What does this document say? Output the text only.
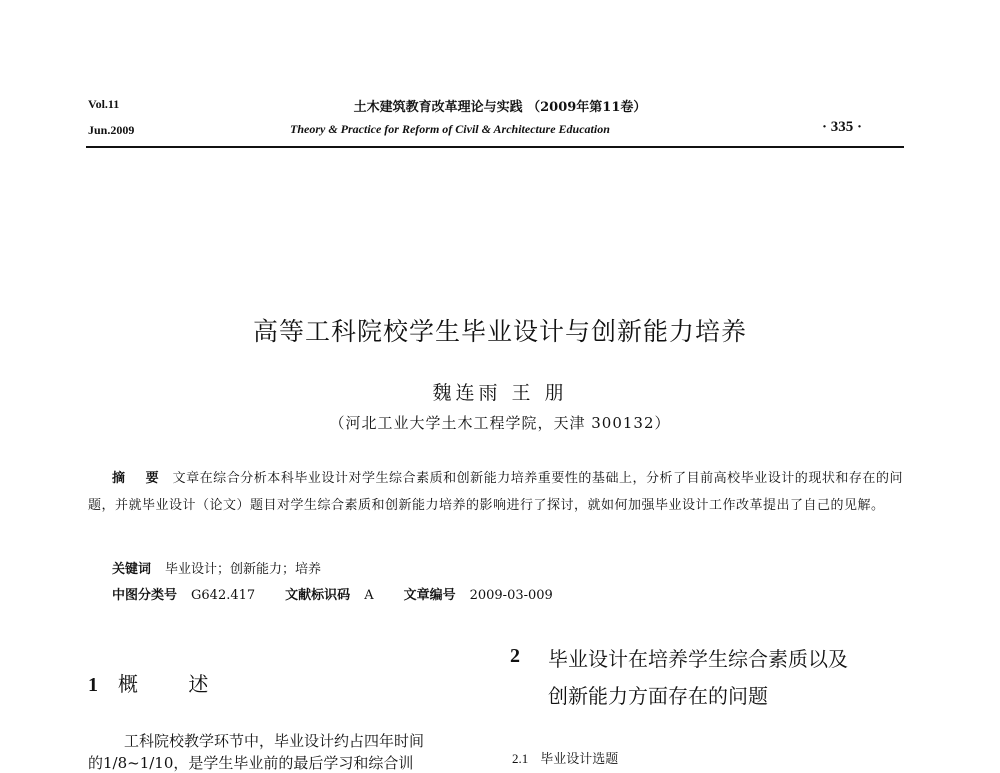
Vol.11
Jun.2009
土木建筑教育改革理论与实践 （2009年第11卷）
Theory & Practice for Reform of Civil & Architecture Education	· 335 ·
高等工科院校学生毕业设计与创新能力培养
魏连雨 王 朋
（河北工业大学土木工程学院，天津 300132）
摘 要 文章在综合分析本科毕业设计对学生综合素质和创新能力培养重要性的基础上，分析了目前高校毕业设计的现状和存在的问题，并就毕业设计（论文）题目对学生综合素质和创新能力培养的影响进行了探讨，就如何加强毕业设计工作改革提出了自己的见解。
关键词 毕业设计；创新能力；培养
中图分类号 G642.417 文献标识码 A 文章编号 2009-03-009
1 概 述
工科院校教学环节中，毕业设计约占四年时间
的1/8~1/10，是学生毕业前的最后学习和综合训
2 毕业设计在培养学生综合素质以及
创新能力方面存在的问题
2.1 毕业设计选题
